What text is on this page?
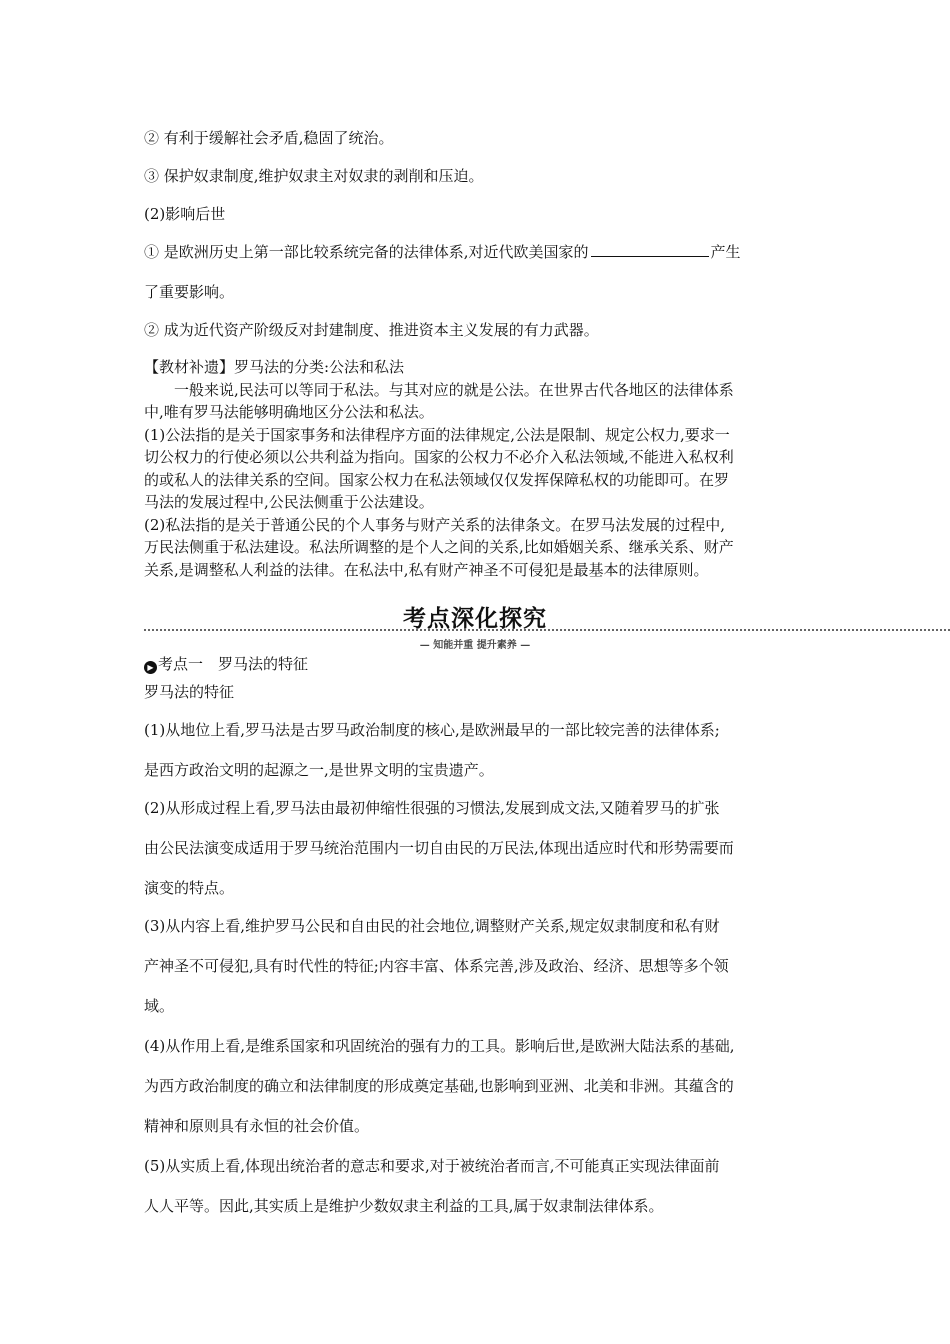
② 有利于缓解社会矛盾,稳固了统治。
③ 保护奴隶制度,维护奴隶主对奴隶的剥削和压迫。
(2)影响后世
① 是欧洲历史上第一部比较系统完备的法律体系,对近代欧美国家的	产生
了重要影响。
② 成为近代资产阶级反对封建制度、推进资本主义发展的有力武器。

【教材补遗】罗马法的分类:公法和私法

一般来说,民法可以等同于私法。与其对应的就是公法。在世界古代各地区的法律体系

中,唯有罗马法能够明确地区分公法和私法。

(1)公法指的是关于国家事务和法律程序方面的法律规定,公法是限制、规定公权力,要求一

切公权力的行使必须以公共利益为指向。国家的公权力不必介入私法领域,不能进入私权利

的或私人的法律关系的空间。国家公权力在私法领域仅仅发挥保障私权的功能即可。在罗

马法的发展过程中,公民法侧重于公法建设。

(2)私法指的是关于普通公民的个人事务与财产关系的法律条文。在罗马法发展的过程中,

万民法侧重于私法建设。私法所调整的是个人之间的关系,比如婚姻关系、继承关系、财产

关系,是调整私人利益的法律。在私法中,私有财产神圣不可侵犯是最基本的法律原则。

考点深化探究
— 知能并重 提升素养 —
▶ 考点一　罗马法的特征
罗马法的特征
(1)从地位上看,罗马法是古罗马政治制度的核心,是欧洲最早的一部比较完善的法律体系;
是西方政治文明的起源之一,是世界文明的宝贵遗产。
(2)从形成过程上看,罗马法由最初伸缩性很强的习惯法,发展到成文法,又随着罗马的扩张
由公民法演变成适用于罗马统治范围内一切自由民的万民法,体现出适应时代和形势需要而
演变的特点。
(3)从内容上看,维护罗马公民和自由民的社会地位,调整财产关系,规定奴隶制度和私有财
产神圣不可侵犯,具有时代性的特征;内容丰富、体系完善,涉及政治、经济、思想等多个领
域。
(4)从作用上看,是维系国家和巩固统治的强有力的工具。影响后世,是欧洲大陆法系的基础,
为西方政治制度的确立和法律制度的形成奠定基础,也影响到亚洲、北美和非洲。其蕴含的
精神和原则具有永恒的社会价值。
(5)从实质上看,体现出统治者的意志和要求,对于被统治者而言,不可能真正实现法律面前
人人平等。因此,其实质上是维护少数奴隶主利益的工具,属于奴隶制法律体系。
